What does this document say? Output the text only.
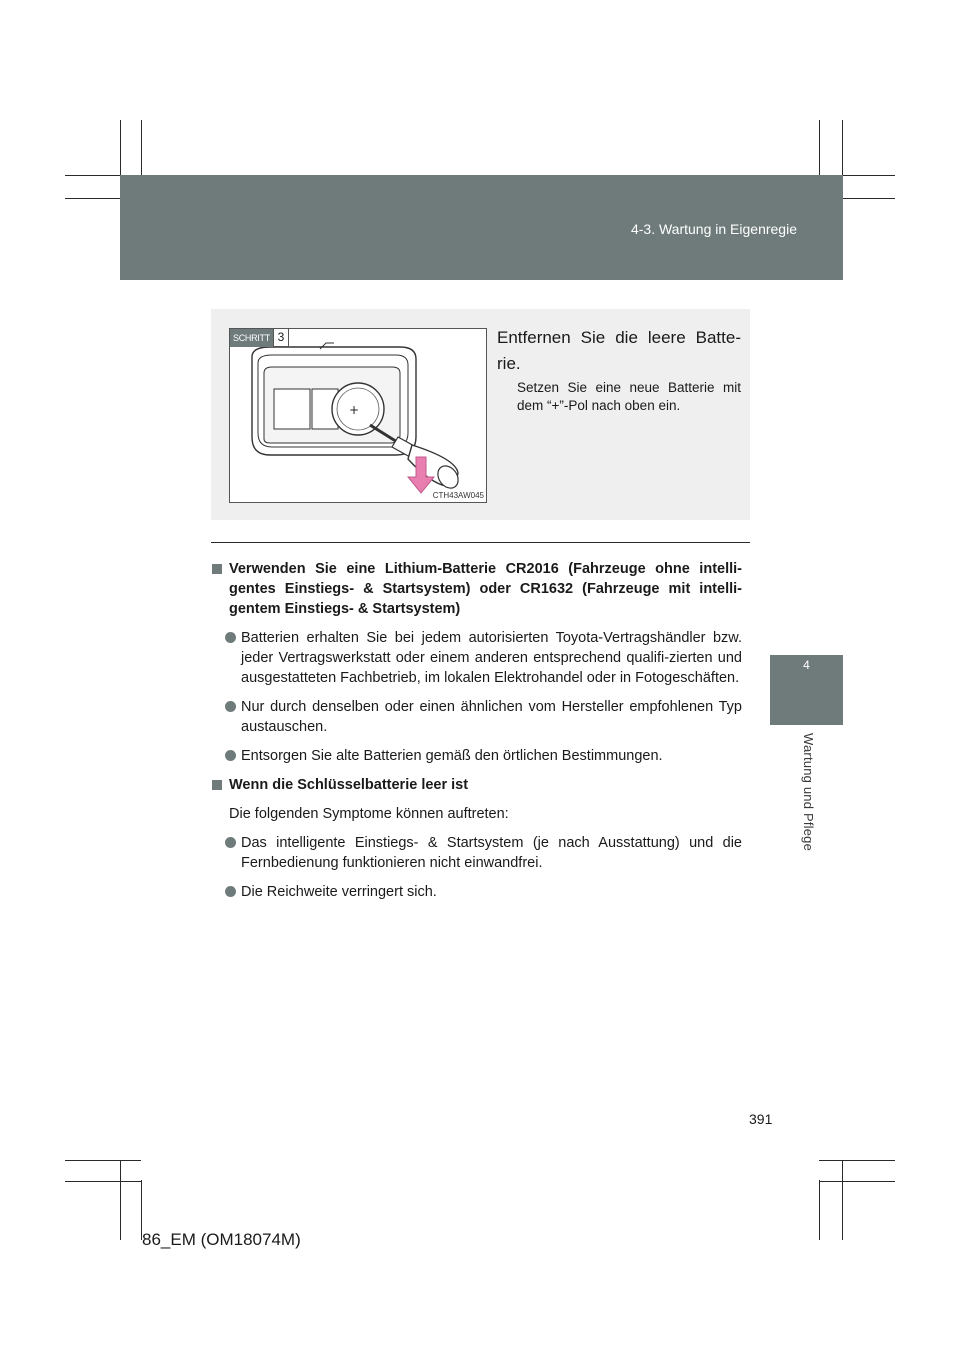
4-3. Wartung in Eigenregie
4
Wartung und Pflege
+
SCHRITT 3
CTH43AW045
Entfernen Sie die leere Batte-rie.
Setzen Sie eine neue Batterie mit dem “+”-Pol nach oben ein.
Verwenden Sie eine Lithium-Batterie CR2016 (Fahrzeuge ohne intelli-gentes Einstiegs- & Startsystem) oder CR1632 (Fahrzeuge mit intelli-gentem Einstiegs- & Startsystem)
Batterien erhalten Sie bei jedem autorisierten Toyota-Vertragshändler bzw. jeder Vertragswerkstatt oder einem anderen entsprechend qualifi-zierten und ausgestatteten Fachbetrieb, im lokalen Elektrohandel oder in Fotogeschäften.
Nur durch denselben oder einen ähnlichen vom Hersteller empfohlenen Typ austauschen.
Entsorgen Sie alte Batterien gemäß den örtlichen Bestimmungen.
Wenn die Schlüsselbatterie leer ist
Die folgenden Symptome können auftreten:
Das intelligente Einstiegs- & Startsystem (je nach Ausstattung) und die Fernbedienung funktionieren nicht einwandfrei.
Die Reichweite verringert sich.
391
86_EM (OM18074M)
